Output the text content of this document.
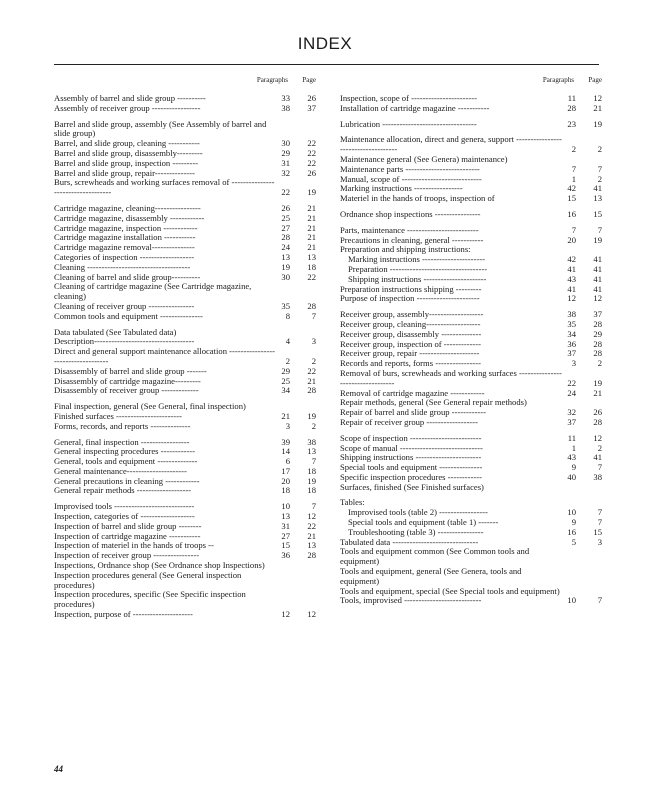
INDEX
Paragraphs Page
Assembly of barrel and slide group ----------	33	26
Assembly of receiver group -----------------	38	37
Barrel and slide group, assembly (See Assembly of barrel and slide group)
Barrel, and slide group, cleaning -----------	30	22
Barrel and slide group, disassembly---------	29	22
Barrel and slide group, inspection ---------	31	22
Barrel and slide group, repair--------------	32	26
Burs, screwheads and working surfaces removal of -----------------------------------	22	19
Cartridge magazine, cleaning----------------	26	21
Cartridge magazine, disassembly ------------	25	21
Cartridge magazine, inspection ------------	27	21
Cartridge magazine installation -----------	28	21
Cartridge magazine removal---------------	24	21
Categories of inspection -------------------	13	13
Cleaning ------------------------------------	19	18
Cleaning of barrel and slide group----------	30	22
Cleaning of cartridge magazine (See Cartridge magazine, cleaning)
Cleaning of receiver group ----------------	35	28
Common tools and equipment ---------------	8	7
Data tabulated (See Tabulated data)
Description-----------------------------------	4	3
Direct and general support maintenance allocation -----------------------------------	2	2
Disassembly of barrel and slide group -------	29	22
Disassembly of cartridge magazine---------	25	21
Disassembly of receiver group -------------	34	28
Final inspection, general (See General, final inspection)
Finished surfaces -----------------------	21	19
Forms, records, and reports --------------	3	2
General, final inspection -----------------	39	38
General inspecting procedures ------------	14	13
General, tools and equipment --------------	6	7
General maintenance---------------------	17	18
General precautions in cleaning ------------	20	19
General repair methods -------------------	18	18
Improvised tools ----------------------------	10	7
Inspection, categories of -------------------	13	12
Inspection of barrel and slide group --------	31	22
Inspection of cartridge magazine -----------	27	21
Inspection of materiel in the hands of troops --	15	13
Inspection of receiver group ----------------	36	28
Inspections, Ordnance shop (See Ordnance shop Inspections)
Inspection procedures general (See General inspection procedures)
Inspection procedures, specific (See Specific inspection procedures)
Inspection, purpose of ---------------------	12	12
Paragraphs Page
Inspection, scope of -----------------------	11	12
Installation of cartridge magazine -----------	28	21
Lubrication ---------------------------------	23	19
Maintenance allocation, direct and genera, support ------------------------------------	2	2
Maintenance general (See Genera) maintenance)
Maintenance parts --------------------------	7	7
Manual, scope of ----------------------------	1	2
Marking instructions -----------------	42	41
Materiel in the hands of troops, inspection of	15	13
Ordnance shop inspections ----------------	16	15
Parts, maintenance -------------------------	7	7
Precautions in cleaning, general -----------	20	19
Preparation and shipping instructions:
Marking instructions ----------------------	42	41
Preparation ----------------------------------	41	41
Shipping instructions ----------------------	43	41
Preparation instructions shipping ---------	41	41
Purpose of inspection ----------------------	12	12
Receiver group, assembly-------------------	38	37
Receiver group, cleaning-------------------	35	28
Receiver group, disassembly --------------	34	29
Receiver group, inspection of -------------	36	28
Receiver group, repair ---------------------	37	28
Records and reports, forms ----------------	3	2
Removal of burs, screwheads and working surfaces ----------------------------------	22	19
Removal of cartridge magazine ------------	24	21
Repair methods, general (See General repair methods)
Repair of barrel and slide group ------------	32	26
Repair of receiver group ------------------	37	28
Scope of inspection -------------------------	11	12
Scope of manual -----------------------------	1	2
Shipping instructions -----------------------	43	41
Special tools and equipment ---------------	9	7
Specific inspection procedures ------------	40	38
Surfaces, finished (See Finished surfaces)
Tables:
Improvised tools (table 2) -----------------	10	7
Special tools and equipment (table 1) -------	9	7
Troubleshooting (table 3) ----------------	16	15
Tabulated data ------------------------------	5	3
Tools and equipment common (See Common tools and equipment)
Tools and equipment, general (See Genera, tools and equipment)
Tools and equipment, special (See Special tools and equipment)
Tools, improvised ---------------------------	10	7
44
